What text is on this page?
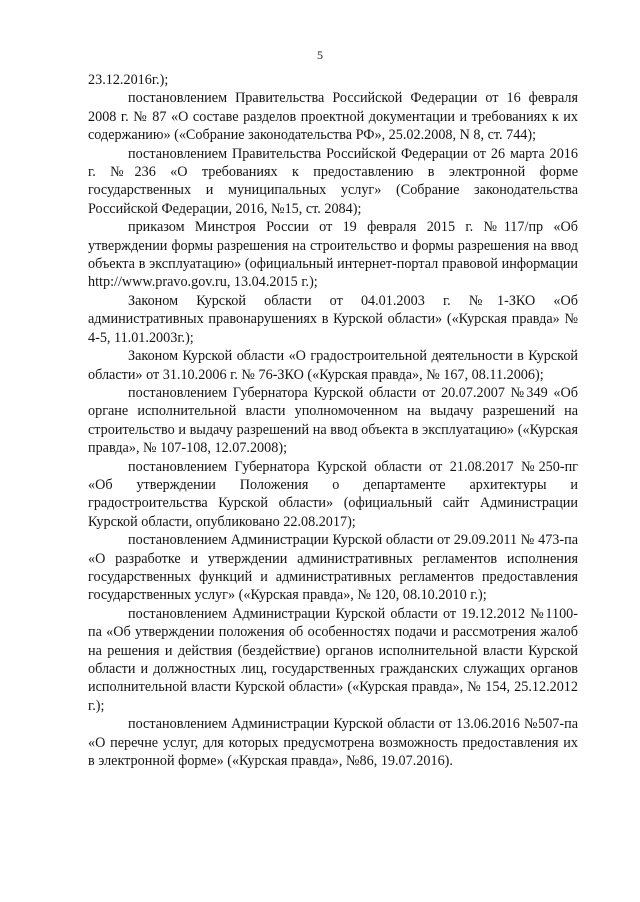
5

23.12.2016г.);

постановлением Правительства Российской Федерации от 16 февраля 2008 г. № 87 «О составе разделов проектной документации и требованиях к их содержанию» («Собрание законодательства РФ», 25.02.2008, N 8, ст. 744);

постановлением Правительства Российской Федерации от 26 марта 2016 г. №236 «О требованиях к предоставлению в электронной форме государственных и муниципальных услуг» (Собрание законодательства Российской Федерации, 2016, №15, ст. 2084);

приказом Минстроя России от 19 февраля 2015 г. №117/пр «Об утверждении формы разрешения на строительство и формы разрешения на ввод объекта в эксплуатацию» (официальный интернет-портал правовой информации http://www.pravo.gov.ru, 13.04.2015 г.);

Законом Курской области от 04.01.2003 г. №1-ЗКО «Об административных правонарушениях в Курской области» («Курская правда» № 4-5, 11.01.2003г.);

Законом Курской области «О градостроительной деятельности в Курской области» от 31.10.2006 г. № 76-ЗКО («Курская правда», № 167, 08.11.2006);

постановлением Губернатора Курской области от 20.07.2007 №349 «Об органе исполнительной власти уполномоченном на выдачу разрешений на строительство и выдачу разрешений на ввод объекта в эксплуатацию» («Курская правда», № 107-108, 12.07.2008);

постановлением Губернатора Курской области от 21.08.2017 №250-пг «Об утверждении Положения о департаменте архитектуры и градостроительства Курской области» (официальный сайт Администрации Курской области, опубликовано 22.08.2017);

постановлением Администрации Курской области от 29.09.2011 № 473-па «О разработке и утверждении административных регламентов исполнения государственных функций и административных регламентов предоставления государственных услуг» («Курская правда», № 120, 08.10.2010 г.);

постановлением Администрации Курской области от 19.12.2012 №1100-па «Об утверждении положения об особенностях подачи и рассмотрения жалоб на решения и действия (бездействие) органов исполнительной власти Курской области и должностных лиц, государственных гражданских служащих органов исполнительной власти Курской области» («Курская правда», № 154, 25.12.2012 г.);

постановлением Администрации Курской области от 13.06.2016 №507-па «О перечне услуг, для которых предусмотрена возможность предоставления их в электронной форме» («Курская правда», №86, 19.07.2016).
